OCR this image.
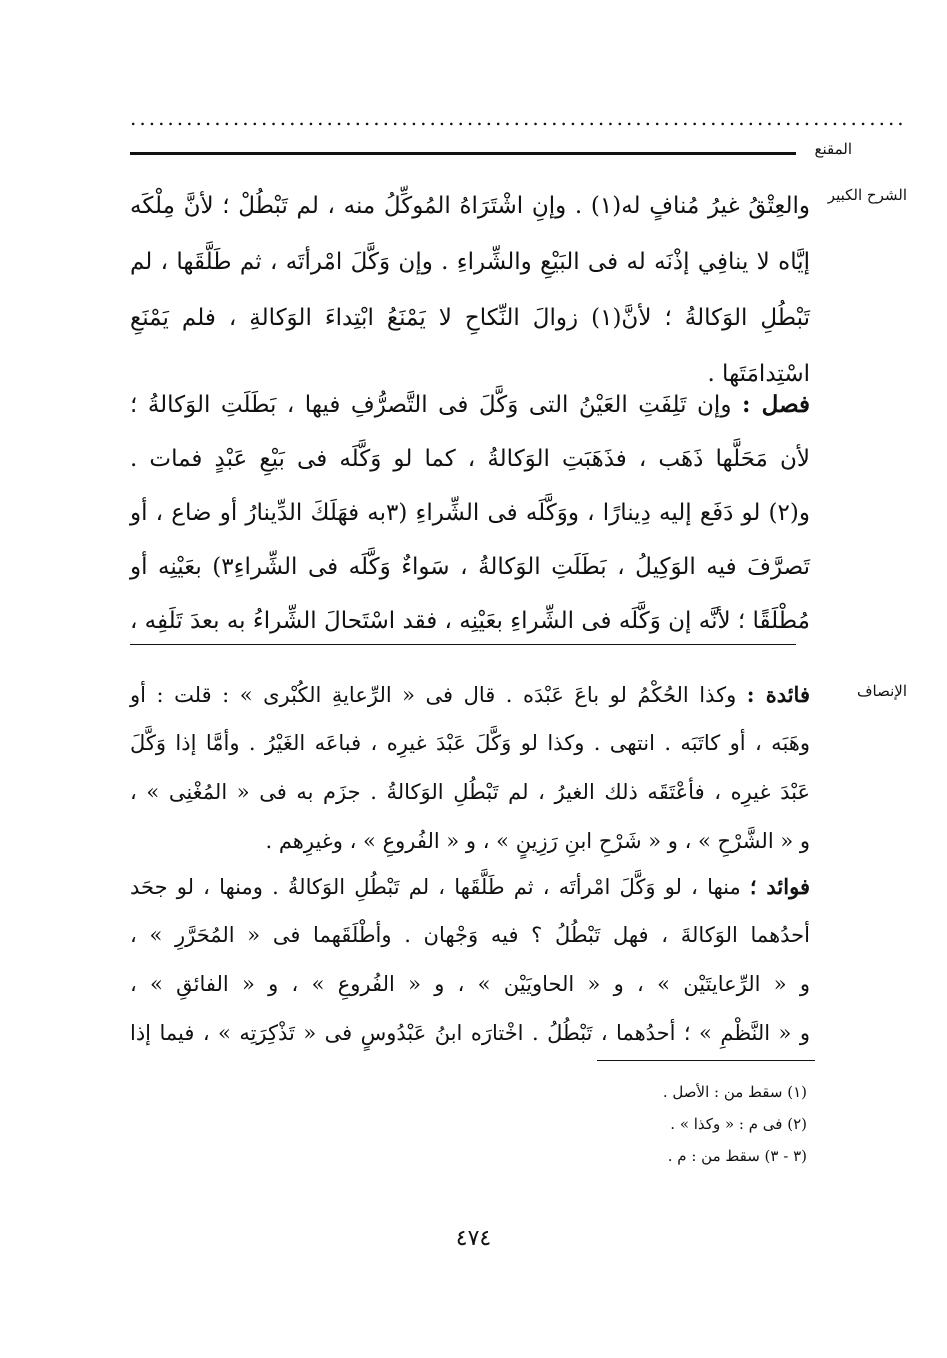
...................................................................................
المقنع
الشرح الكبير
والعِتْقُ غيرُ مُنافٍ له(١) . وإنِ اشْتَرَاهُ المُوكِّلُ منه ، لم تَبْطُلْ ؛ لأنَّ مِلْكَه
إيَّاه لا ينافِي إذْنَه له فى البَيْعِ والشِّراءِ . وإن وَكَّلَ امْرأتَه ، ثم طَلَّقَها ، لم
تَبْطُلِ الوَكالةُ ؛ لأنَّ(١) زوالَ النِّكاحِ لا يَمْنَعُ ابْتِداءَ الوَكالةِ ، فلم يَمْنَعِ
اسْتِدامَتَها .
فصل : وإن تَلِفَتِ العَيْنُ التى وَكَّلَ فى التَّصرُّفِ فيها ، بَطَلَتِ الوَكالةُ ؛
لأن مَحَلَّها ذَهَب ، فذَهَبَتِ الوَكالةُ ، كما لو وَكَّلَه فى بَيْعِ عَبْدٍ فمات .
و(٢) لو دَفَع إليه دِينارًا ، ووَكَّلَه فى الشِّراءِ (٣به فهَلَكَ الدِّينارُ أو ضاع ، أو
تَصرَّفَ فيه الوَكِيلُ ، بَطَلَتِ الوَكالةُ ، سَواءٌ وَكَّلَه فى الشِّراءِ٣) بعَيْنِه أو
مُطْلَقًا ؛ لأنَّه إن وَكَّلَه فى الشِّراءِ بعَيْنِه ، فقد اسْتَحالَ الشِّراءُ به بعدَ تَلَفِه ،
الإنصاف
فائدة : وكذا الحُكْمُ لو باعَ عَبْدَه . قال فى « الرِّعايةِ الكُبْرى » : قلت : أو
وهَبَه ، أو كاتَبَه . انتهى . وكذا لو وَكَّلَ عَبْدَ غيرِه ، فباعَه الغَيْرُ . وأمَّا إذا وَكَّلَ
عَبْدَ غيرِه ، فأعْتَقَه ذلك الغيرُ ، لم تَبْطُلِ الوَكالةُ . جزَم به فى « المُغْنِى » ،
و « الشَّرْحِ » ، و « شَرْحِ ابنِ رَزِينٍ » ، و « الفُروعِ » ، وغيرِهم .
فوائد ؛ منها ، لو وَكَّلَ امْرأتَه ، ثم طَلَّقَها ، لم تَبْطُلِ الوَكالةُ . ومنها ، لو جحَد
أحدُهما الوَكالةَ ، فهل تَبْطُلُ ؟ فيه وَجْهان . وأطْلَقَهما فى « المُحَرَّرِ » ،
و « الرِّعايتَيْن » ، و « الحاويَيْن » ، و « الفُروعِ » ، و « الفائقِ » ،
و « النَّظْمِ » ؛ أحدُهما ، تَبْطُلُ . اخْتارَه ابنُ عَبْدُوسٍ فى « تَذْكِرَتِه » ، فيما إذا
(١) سقط من : الأصل .
(٢) فى م : « وكذا » .
(٣ - ٣) سقط من : م .
٤٧٤
